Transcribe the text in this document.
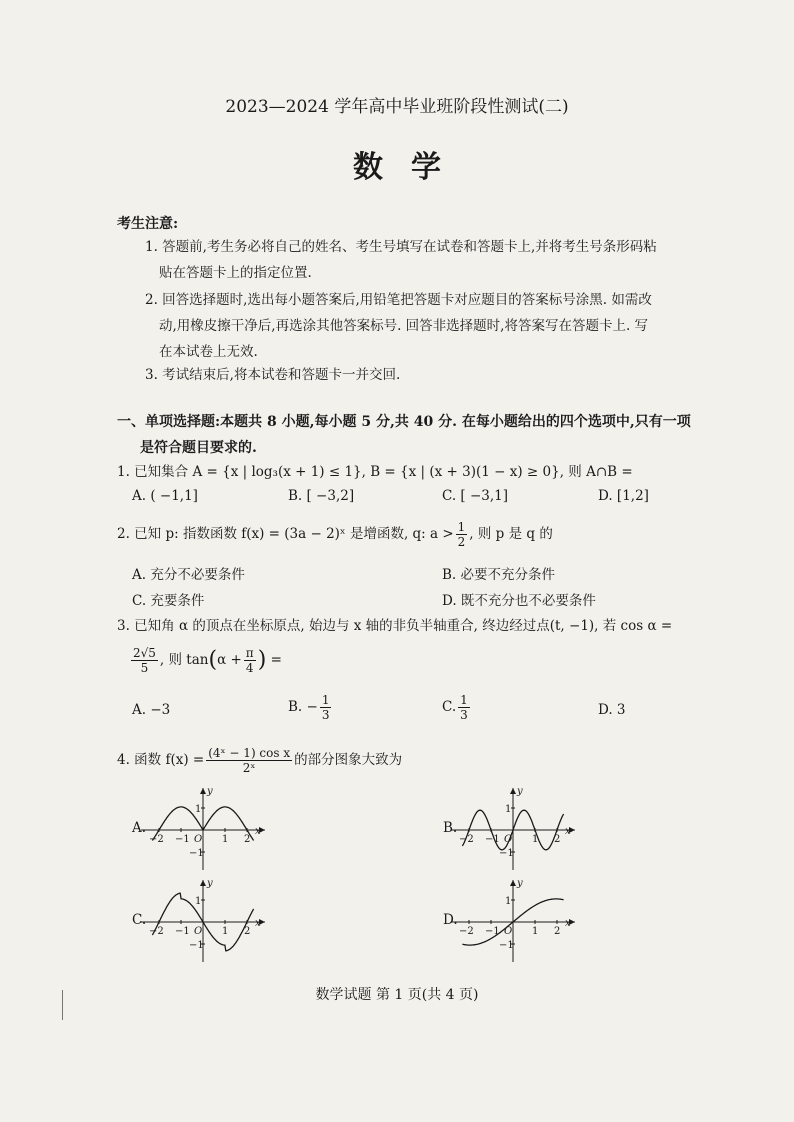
2023—2024 学年高中毕业班阶段性测试(二)
数学
考生注意:
1. 答题前,考生务必将自己的姓名、考生号填写在试卷和答题卡上,并将考生号条形码粘
贴在答题卡上的指定位置.
2. 回答选择题时,选出每小题答案后,用铅笔把答题卡对应题目的答案标号涂黑. 如需改
动,用橡皮擦干净后,再选涂其他答案标号. 回答非选择题时,将答案写在答题卡上. 写
在本试卷上无效.
3. 考试结束后,将本试卷和答题卡一并交回.
一、单项选择题:本题共 8 小题,每小题 5 分,共 40 分. 在每小题给出的四个选项中,只有一项
是符合题目要求的.
1. 已知集合 A = {x | log₃(x + 1) ≤ 1}, B = {x | (x + 3)(1 − x) ≥ 0}, 则 A∩B =
A. ( −1,1]	B. [ −3,2]	C. [ −3,1]	D. [1,2]
2. 已知 p: 指数函数 f(x) = (3a − 2)ˣ 是增函数, q: $a > \frac{1}{2}$ , 则 p 是 q 的
A. 充分不必要条件	B. 必要不充分条件
C. 充要条件	D. 既不充分也不必要条件
3. 已知角 α 的顶点在坐标原点, 始边与 x 轴的非负半轴重合, 终边经过点(t, −1), 若 cos α =
$\frac{2√5}{5}$ , 则 $\tan(\alpha + \frac{\pi}{4}$ ) =
A. −3	B. − $\frac{1}{3}$	C. $\frac{1}{3}$	D. 3
4. 函数 $f(x) = \frac{\text{(4ˣ − 1) cos x}}{\text{2ˣ}}$ 的部分图象大致为
A.	B.
C.	D.
−2 −1 O 1 2
x
y
1
−1
−2 −1 O 1 2
x
y
1
−1
−2 −1 O 1 2
x
y
1
−1
−2 −1 O 1 2
x
y
1
−1
数学试题 第 1 页(共 4 页)
